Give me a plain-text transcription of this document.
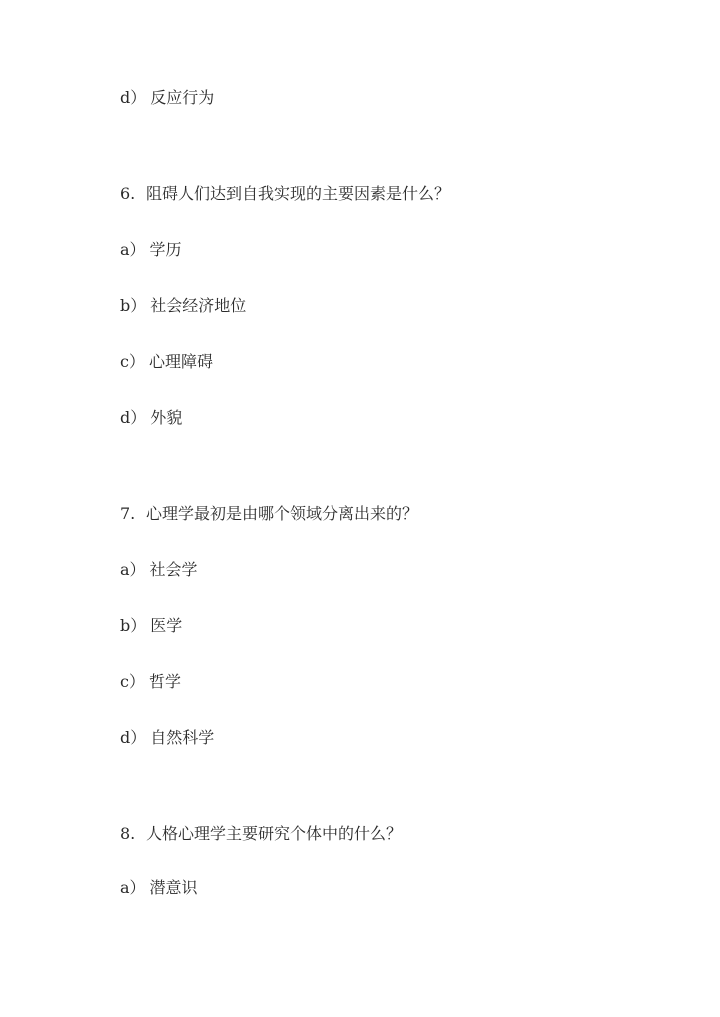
d） 反应行为
6. 阻碍人们达到自我实现的主要因素是什么？
a） 学历
b） 社会经济地位
c） 心理障碍
d） 外貌
7. 心理学最初是由哪个领域分离出来的？
a） 社会学
b） 医学
c） 哲学
d） 自然科学
8. 人格心理学主要研究个体中的什么？
a） 潜意识
